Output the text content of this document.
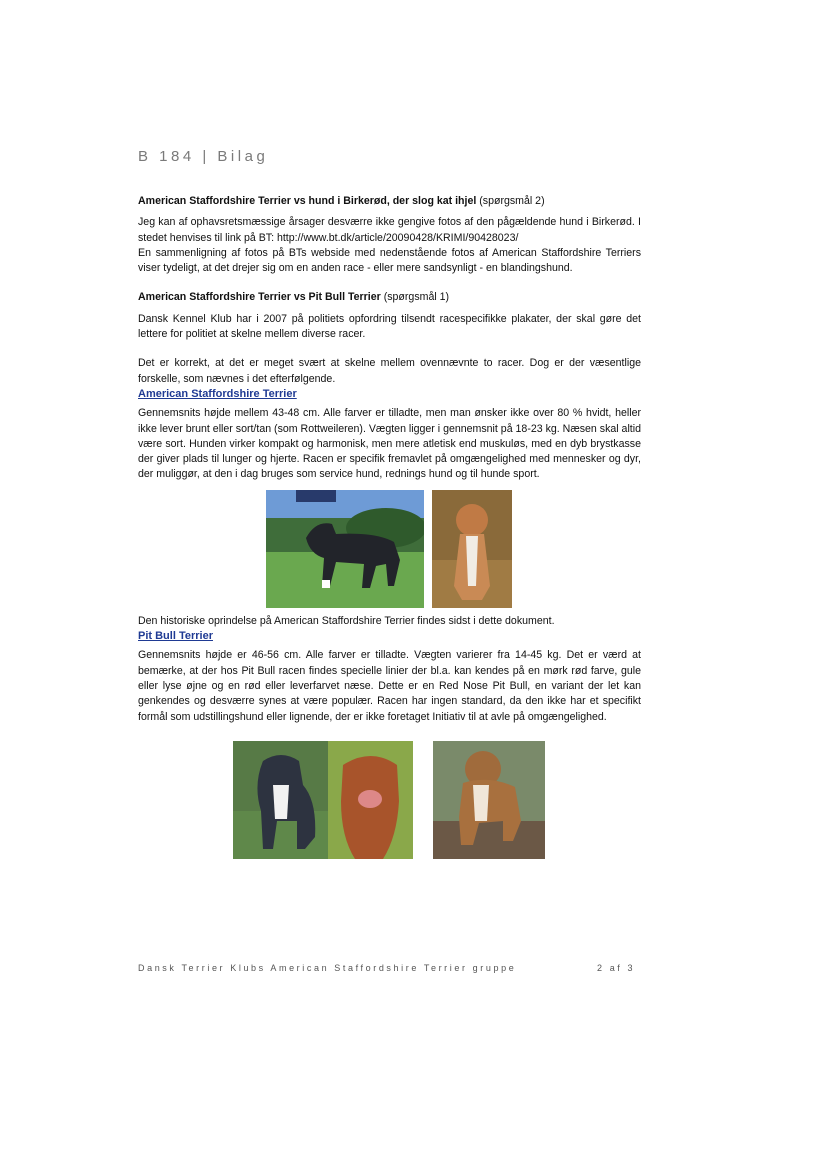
B 184 | Bilag

American Staffordshire Terrier vs hund i Birkerød, der slog kat ihjel (spørgsmål 2)

Jeg kan af ophavsretsmæssige årsager desværre ikke gengive fotos af den pågældende hund i Birkerød. I stedet henvises til link på BT: http://www.bt.dk/article/20090428/KRIMI/90428023/

En sammenligning af fotos på BTs webside med nedenstående fotos af American Staffordshire Terriers viser tydeligt, at det drejer sig om en anden race - eller mere sandsynligt - en blandingshund.

American Staffordshire Terrier vs Pit Bull Terrier (spørgsmål 1)

Dansk Kennel Klub har i 2007 på politiets opfordring tilsendt racespecifikke plakater, der skal gøre det lettere for politiet at skelne mellem diverse racer.

Det er korrekt, at det er meget svært at skelne mellem ovennævnte to racer. Dog er der væsentlige forskelle, som nævnes i det efterfølgende.

American Staffordshire Terrier

Gennemsnits højde mellem 43-48 cm. Alle farver er tilladte, men man ønsker ikke over 80 % hvidt, heller ikke lever brunt eller sort/tan (som Rottweileren). Vægten ligger i gennemsnit på 18-23 kg. Næsen skal altid være sort. Hunden virker kompakt og harmonisk, men mere atletisk end muskuløs, med en dyb brystkasse der giver plads til lunger og hjerte. Racen er specifik fremavlet på omgængelighed med mennesker og dyr, der muliggør, at den i dag bruges som service hund, rednings hund og til hunde sport.

Den historiske oprindelse på American Staffordshire Terrier findes sidst i dette dokument.

Pit Bull Terrier

Gennemsnits højde er 46-56 cm. Alle farver er tilladte. Vægten varierer fra 14-45 kg. Det er værd at bemærke, at der hos Pit Bull racen findes specielle linier der bl.a. kan kendes på en mørk rød farve, gule eller lyse øjne og en rød eller leverfarvet næse. Dette er en Red Nose Pit Bull, en variant der let kan genkendes og desværre synes at være populær. Racen har ingen standard, da den ikke har et specifikt formål som udstillingshund eller lignende, der er ikke foretaget Initiativ til at avle på omgængelighed.

Dansk Terrier Klubs American Staffordshire Terrier gruppe	2 af 3
